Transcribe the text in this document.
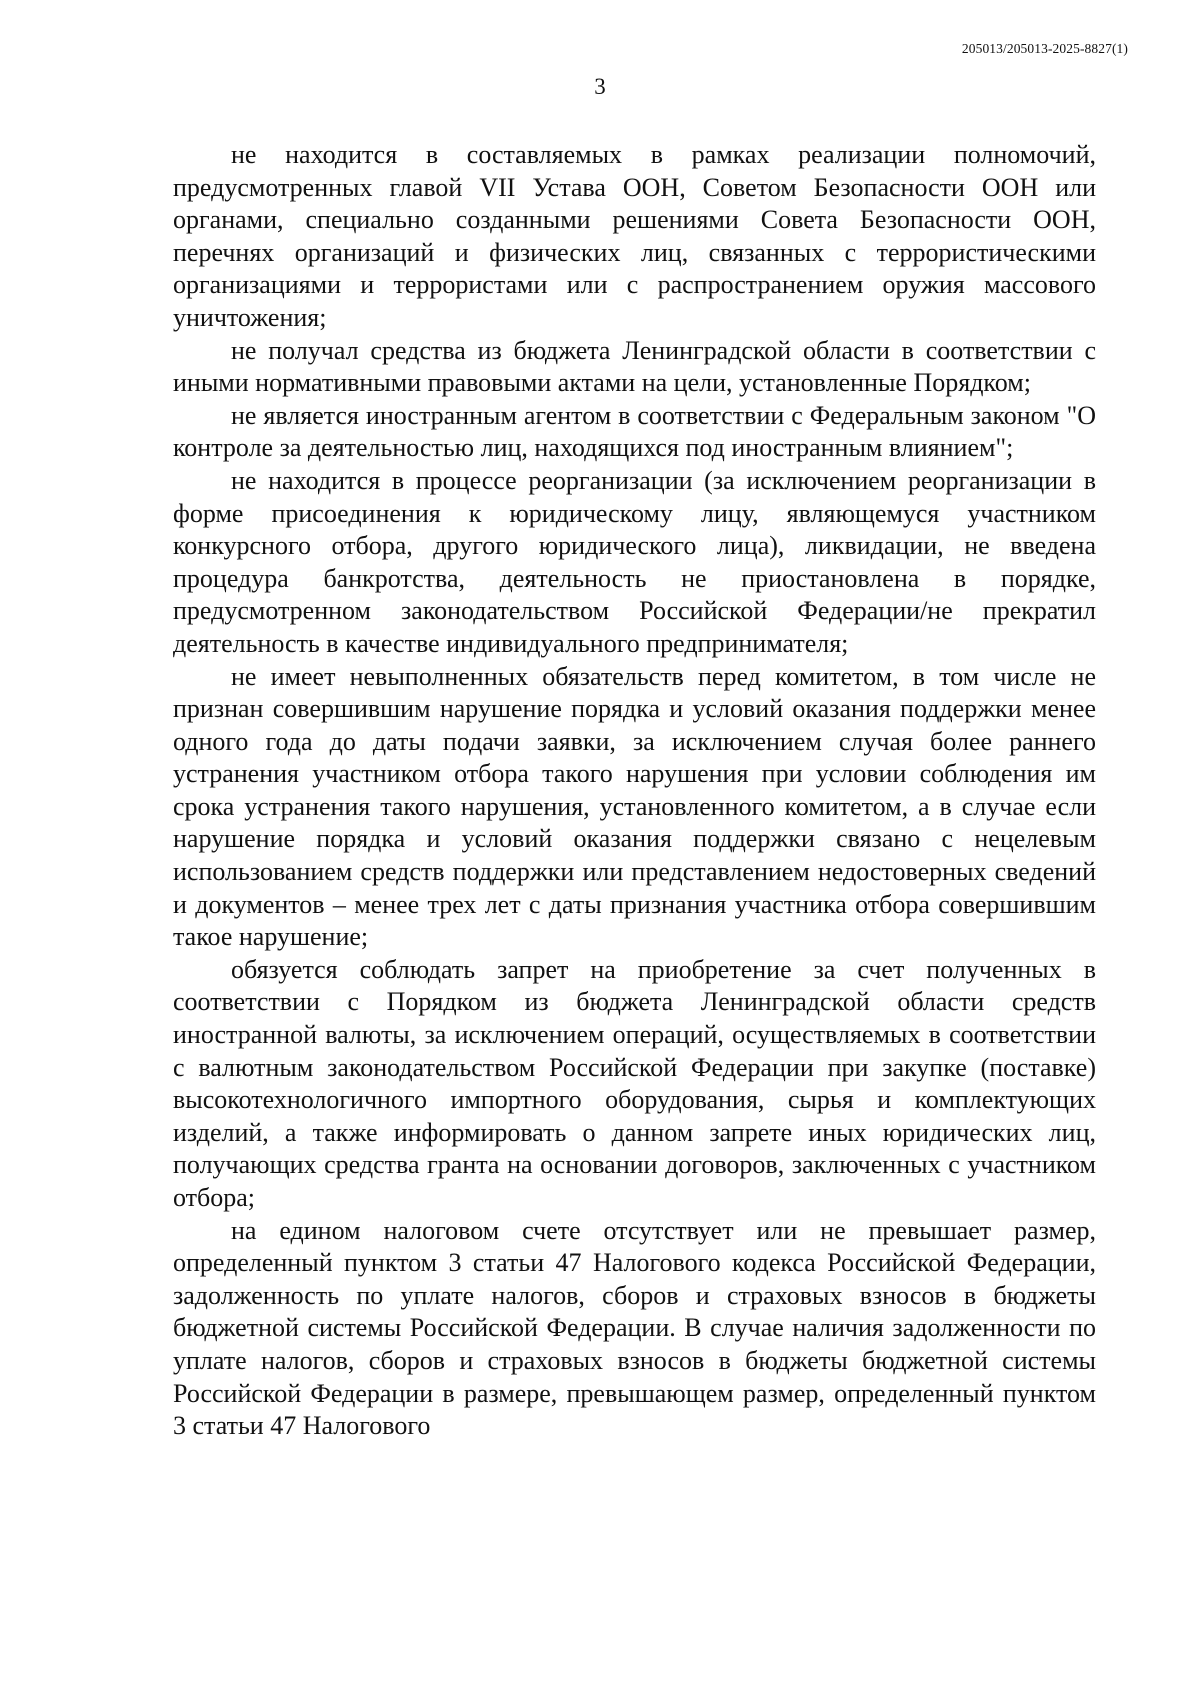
205013/205013-2025-8827(1)
3

не находится в составляемых в рамках реализации полномочий, предусмотренных главой VII Устава ООН, Советом Безопасности ООН или органами, специально созданными решениями Совета Безопасности ООН, перечнях организаций и физических лиц, связанных с террористическими организациями и террористами или с распространением оружия массового уничтожения;

не получал средства из бюджета Ленинградской области в соответствии с иными нормативными правовыми актами на цели, установленные Порядком;

не является иностранным агентом в соответствии с Федеральным законом "О контроле за деятельностью лиц, находящихся под иностранным влиянием";

не находится в процессе реорганизации (за исключением реорганизации в форме присоединения к юридическому лицу, являющемуся участником конкурсного отбора, другого юридического лица), ликвидации, не введена процедура банкротства, деятельность не приостановлена в порядке, предусмотренном законодательством Российской Федерации/не прекратил деятельность в качестве индивидуального предпринимателя;

не имеет невыполненных обязательств перед комитетом, в том числе не признан совершившим нарушение порядка и условий оказания поддержки менее одного года до даты подачи заявки, за исключением случая более раннего устранения участником отбора такого нарушения при условии соблюдения им срока устранения такого нарушения, установленного комитетом, а в случае если нарушение порядка и условий оказания поддержки связано с нецелевым использованием средств поддержки или представлением недостоверных сведений и документов – менее трех лет с даты признания участника отбора совершившим такое нарушение;

обязуется соблюдать запрет на приобретение за счет полученных в соответствии с Порядком из бюджета Ленинградской области средств иностранной валюты, за исключением операций, осуществляемых в соответствии с валютным законодательством Российской Федерации при закупке (поставке) высокотехнологичного импортного оборудования, сырья и комплектующих изделий, а также информировать о данном запрете иных юридических лиц, получающих средства гранта на основании договоров, заключенных с участником отбора;

на едином налоговом счете отсутствует или не превышает размер, определенный пунктом 3 статьи 47 Налогового кодекса Российской Федерации, задолженность по уплате налогов, сборов и страховых взносов в бюджеты бюджетной системы Российской Федерации. В случае наличия задолженности по уплате налогов, сборов и страховых взносов в бюджеты бюджетной системы Российской Федерации в размере, превышающем размер, определенный пунктом 3 статьи 47 Налогового
